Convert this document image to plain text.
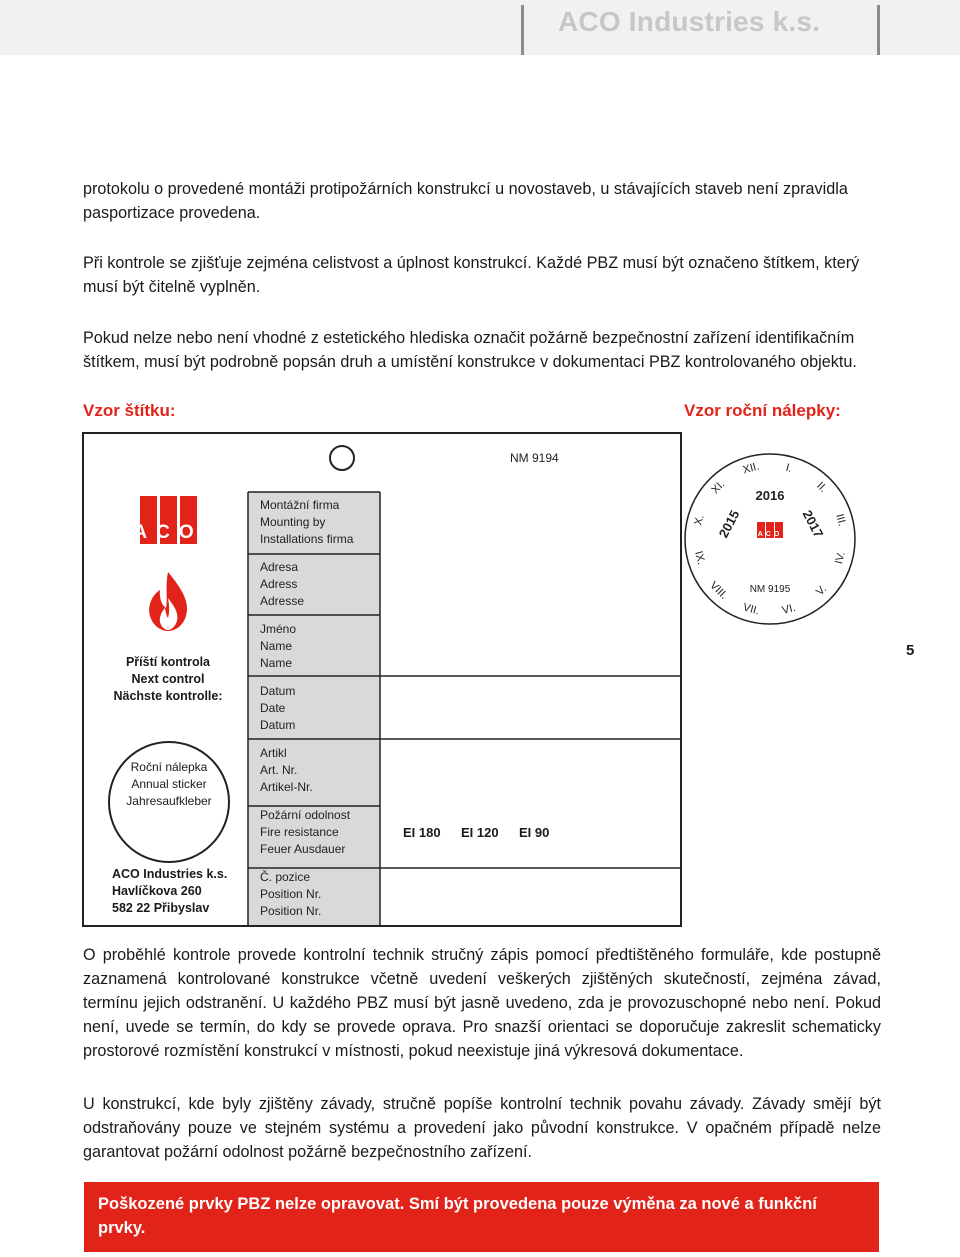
ACO Industries k.s.

protokolu o provedené montáži protipožárních konstrukcí u novostaveb, u stávajících staveb není zpravidla pasportizace provedena.

Při kontrole se zjišťuje zejména celistvost a úplnost konstrukcí. Každé PBZ musí být označeno štítkem, který musí být čitelně vyplněn.

Pokud nelze nebo není vhodné z estetického hlediska označit požárně bezpečnostní zařízení identifikačním štítkem, musí být podrobně popsán druh a umístění konstrukce v dokumentaci PBZ kontrolovaného objektu.

Vzor štítku:	Vzor roční nálepky:
ACO
NM 9194
Příští kontrola
Next control
Nächste kontrolle:
Roční nálepka
Annual sticker
Jahresaufkleber
ACO Industries k.s.
Havlíčkova 260
582 22 Přibyslav
Montážní firma
Mounting by
Installations firma
Adresa
Adress
Adresse
Jméno
Name
Name
Datum
Date
Datum
Artikl
Art. Nr.
Artikel-Nr.
Požární odolnost
Fire resistance
Feuer Ausdauer
Č. pozice
Position Nr.
Position Nr.
EI 180 EI 120 EI 90
I.
II.
III.
IV.
V.
VI.
VII.
VIII.
IX.
X.
XI.
XII.
2016
2015	2017
ACO
NM 9195
5

O proběhlé kontrole provede kontrolní technik stručný zápis pomocí předtištěného formuláře, kde postupně zaznamená kontrolované konstrukce včetně uvedení veškerých zjištěných skutečností, zejména závad, termínu jejich odstranění. U každého PBZ musí být jasně uvedeno, zda je provozuschopné nebo není. Pokud není, uvede se termín, do kdy se provede oprava. Pro snazší orientaci se doporučuje zakreslit schematicky prostorové rozmístění konstrukcí v místnosti, pokud neexistuje jiná výkresová dokumentace.

U konstrukcí, kde byly zjištěny závady, stručně popíše kontrolní technik povahu závady. Závady smějí být odstraňovány pouze ve stejném systému a provedení jako původní konstrukce. V opačném případě nelze garantovat požární odolnost požárně bezpečnostního zařízení.

Poškozené prvky PBZ nelze opravovat. Smí být provedena pouze výměna za nové a funkční prvky.
